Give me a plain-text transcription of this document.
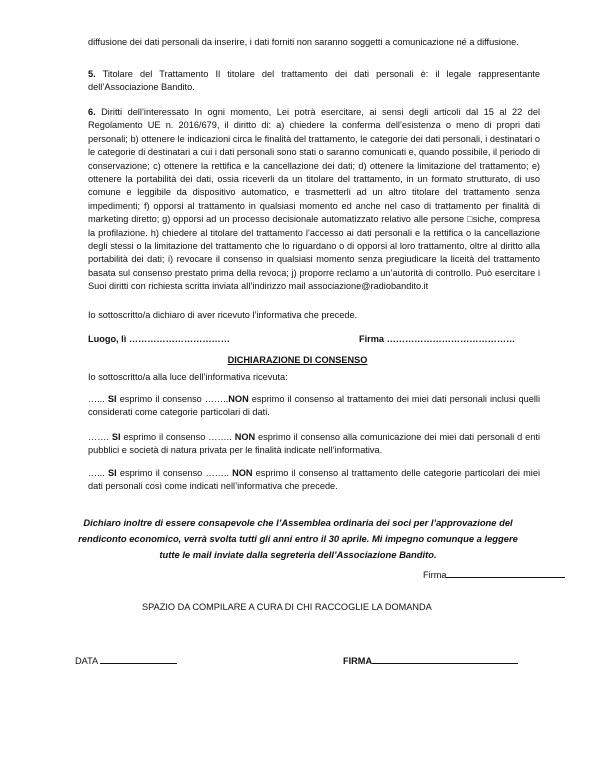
diffusione dei dati personali da inserire, i dati forniti non saranno soggetti a comunicazione né a diffusione.

5. Titolare del Trattamento Il titolare del trattamento dei dati personali è: il legale rappresentante dell’Associazione Bandito.

6. Diritti dell’interessato In ogni momento, Lei potrà esercitare, ai sensi degli articoli dal 15 al 22 del Regolamento UE n. 2016/679, il diritto di: a) chiedere la conferma dell’esistenza o meno di propri dati personali; b) ottenere le indicazioni circa le finalità del trattamento, le categorie dei dati personali, i destinatari o le categorie di destinatari a cui i dati personali sono stati o saranno comunicati e, quando possibile, il periodo di conservazione; c) ottenere la rettifica e la cancellazione dei dati; d) ottenere la limitazione del trattamento; e) ottenere la portabilità dei dati, ossia riceverli da un titolare del trattamento, in un formato strutturato, di uso comune e leggibile da dispositivo automatico, e trasmetterli ad un altro titolare del trattamento senza impedimenti; f) opporsi al trattamento in qualsiasi momento ed anche nel caso di trattamento per finalità di marketing diretto; g) opporsi ad un processo decisionale automatizzato relativo alle persone □siche, compresa la profilazione. h) chiedere al titolare del trattamento l’accesso ai dati personali e la rettifica o la cancellazione degli stessi o la limitazione del trattamento che lo riguardano o di opporsi al loro trattamento, oltre al diritto alla portabilità dei dati; i) revocare il consenso in qualsiasi momento senza pregiudicare la liceità del trattamento basata sul consenso prestato prima della revoca; j) proporre reclamo a un’autorità di controllo. Può esercitare i Suoi diritti con richiesta scritta inviata all’indirizzo mail associazione@radiobandito.it

Io sottoscritto/a dichiaro di aver ricevuto l’informativa che precede.

Luogo, lì ……………………………	Firma ……………………………………

DICHIARAZIONE DI CONSENSO

Io sottoscritto/a alla luce dell’informativa ricevuta:

…... SI esprimo il consenso ……..NON esprimo il consenso al trattamento dei miei dati personali inclusi quelli considerati come categorie particolari di dati.

……. SI esprimo il consenso …….. NON esprimo il consenso alla comunicazione dei miei dati personali d enti pubblici e società di natura privata per le finalità indicate nell’informativa.

…... SI esprimo il consenso …….. NON esprimo il consenso al trattamento delle categorie particolari dei miei dati personali così come indicati nell’informativa che precede.

Dichiaro inoltre di essere consapevole che l’Assemblea ordinaria dei soci per l’approvazione del rendiconto economico, verrà svolta tutti gli anni entro il 30 aprile. Mi impegno comunque a leggere tutte le mail inviate dalla segreteria dell’Associazione Bandito.

Firma

SPAZIO DA COMPILARE A CURA DI CHI RACCOGLIE LA DOMANDA

DATA	FIRMA
